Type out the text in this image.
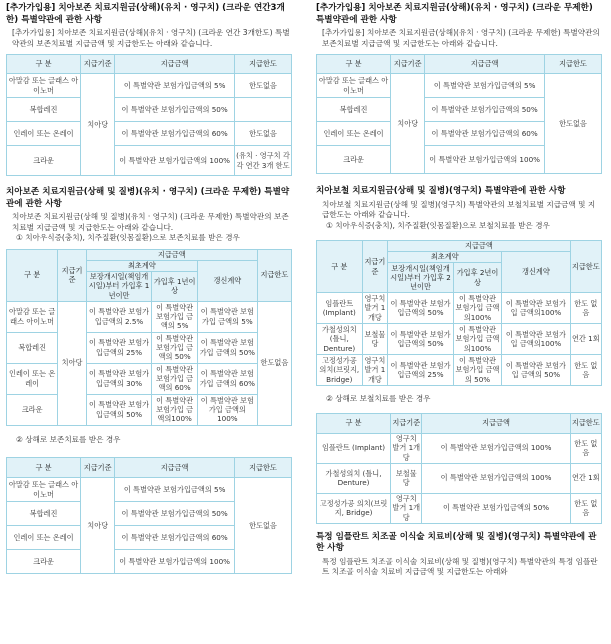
[추가가입용] 치아보존 치료지원금(상해)(유치 · 영구치) (크라운 연간3개한) 특별약관에 관한 사항

[추가가입용] 치아보존 치료지원금(상해)(유치 · 영구치) (크라운 연간 3개한도) 특별약관의 보존치료별 지급금액 및 지급한도는 아래와 같습니다.

구 분	지급기준	지급금액	지급한도
아말감 또는 글래스 아이노머	치아당	이 특별약관 보험가입금액의 5%	한도없음
복합레진		이 특별약관 보험가입금액의 50%	
인레이 또는 온레이		이 특별약관 보험가입금액의 60%	한도없음
크라운		이 특별약관 보험가입금액의 100%	(유치 · 영구치 각각 연간 3개 한도

치아보존 치료지원금(상해 및 질병)(유치 · 영구치) (크라운 무제한) 특별약관에 관한 사항

치아보존 치료지원금(상해 및 질병)(유치 · 영구치) (크라운 무제한) 특별약관의 보존치료별 지급금액 및 지급한도는 아래와 같습니다.

① 치아우식증(충치), 치주질환(잇몸질환)으로 보존치료를 받은 경우

구 분	지급기준	지급금액			지급한도
		최초계약		갱신계약	
		보장개시일(책임개시일)부터 가입후 1년이만	가입후 1년이상		
아말감 또는 글래스 아이노머	치아당	이 특별약관 보험가입금액의 2.5%	이 특별약관 보험가입 금액의 5%	이 특별약관 보험가입 금액의 5%	한도없음
복합레진		이 특별약관 보험가입금액의 25%	이 특별약관 보험가입 금액의 50%	이 특별약관 보험가입 금액의 50%	
인레이 또는 온레이		이 특별약관 보험가입금액의 30%	이 특별약관 보험가입 금액의 60%	이 특별약관 보험가입 금액의 60%	
크라운		이 특별약관 보험가입금액의 50%	이 특별약관 보험가입 금액의100%	이 특별약관 보험가입 금액의100%	

② 상해로 보존치료를 받은 경우

구 분	지급기준	지급금액	지급한도
아말감 또는 글래스 아이노머	치아당	이 특별약관 보험가입금액의 5%	한도없음
복합레진		이 특별약관 보험가입금액의 50%	
인레이 또는 온레이		이 특별약관 보험가입금액의 60%	
크라운		이 특별약관 보험가입금액의 100%	

[추가가입용] 치아보존 치료지원금(상해)(유치 · 영구치) (크라운 무제한) 특별약관에 관한 사항

[추가가입용] 치아보존 치료지원금(상해)(유치 · 영구치) (크라운 무제한) 특별약관의 보존치료별 지급금액 및 지급한도는 아래와 같습니다.

구 분	지급기준	지급금액	지급한도
아말감 또는 글래스 아이노머	치아당	이 특별약관 보험가입금액의 5%	한도없음
복합레진		이 특별약관 보험가입금액의 50%	
인레이 또는 온레이		이 특별약관 보험가입금액의 60%	
크라운		이 특별약관 보험가입금액의 100%	

치아보철 치료지원금(상해 및 질병)(영구치) 특별약관에 관한 사항

치아보철 치료지원금(상해 및 질병)(영구치) 특별약관의 보철치료별 지급금액 및 지급한도는 아래와 같습니다.

① 치아우식증(충치), 치주질환(잇몸질환)으로 보철치료를 받은 경우

구 분	지급기준	지급금액			지급한도
		최초계약		갱신계약	
		보장개시일(책임개시일)부터 가입후 2년이만	가입후 2년이상		
임플란트 (Implant)	영구치 발거 1개당	이 특별약관 보험가입금액의 50%	이 특별약관 보험가입 금액의100%	이 특별약관 보험가입 금액의100%	한도 없음
가철성의치 (틀니, Denture)	보철물 당	이 특별약관 보험가입금액의 50%	이 특별약관 보험가입 금액의100%	이 특별약관 보험가입 금액의100%	연간 1회
고정성가공 의치(브릿지, Bridge)	영구치 발거 1개당	이 특별약관 보험가입금액의 25%	이 특별약관 보험가입 금액의 50%	이 특별약관 보험가입 금액의 50%	한도 없음

② 상해로 보철치료를 받은 경우

구 분	지급기준	지급금액	지급한도
임플란트 (Implant)	영구치 발거 1개당	이 특별약관 보험가입금액의 100%	한도 없음
가철성의치 (틀니, Denture)	보철물 당	이 특별약관 보험가입금액의 100%	연간 1회
고정성가공 의치(브릿지, Bridge)	영구치 발거 1개당	이 특별약관 보험가입금액의 50%	한도 없음

특정 임플란트 치조골 이식술 치료비(상해 및 질병)(영구치) 특별약관에 관한 사항

특정 임플란트 치조골 이식술 치료비(상해 및 질병)(영구치) 특별약관의 특정 임플란트 치조골 이식술 치료비 지급금액 및 지급한도는 아래와
